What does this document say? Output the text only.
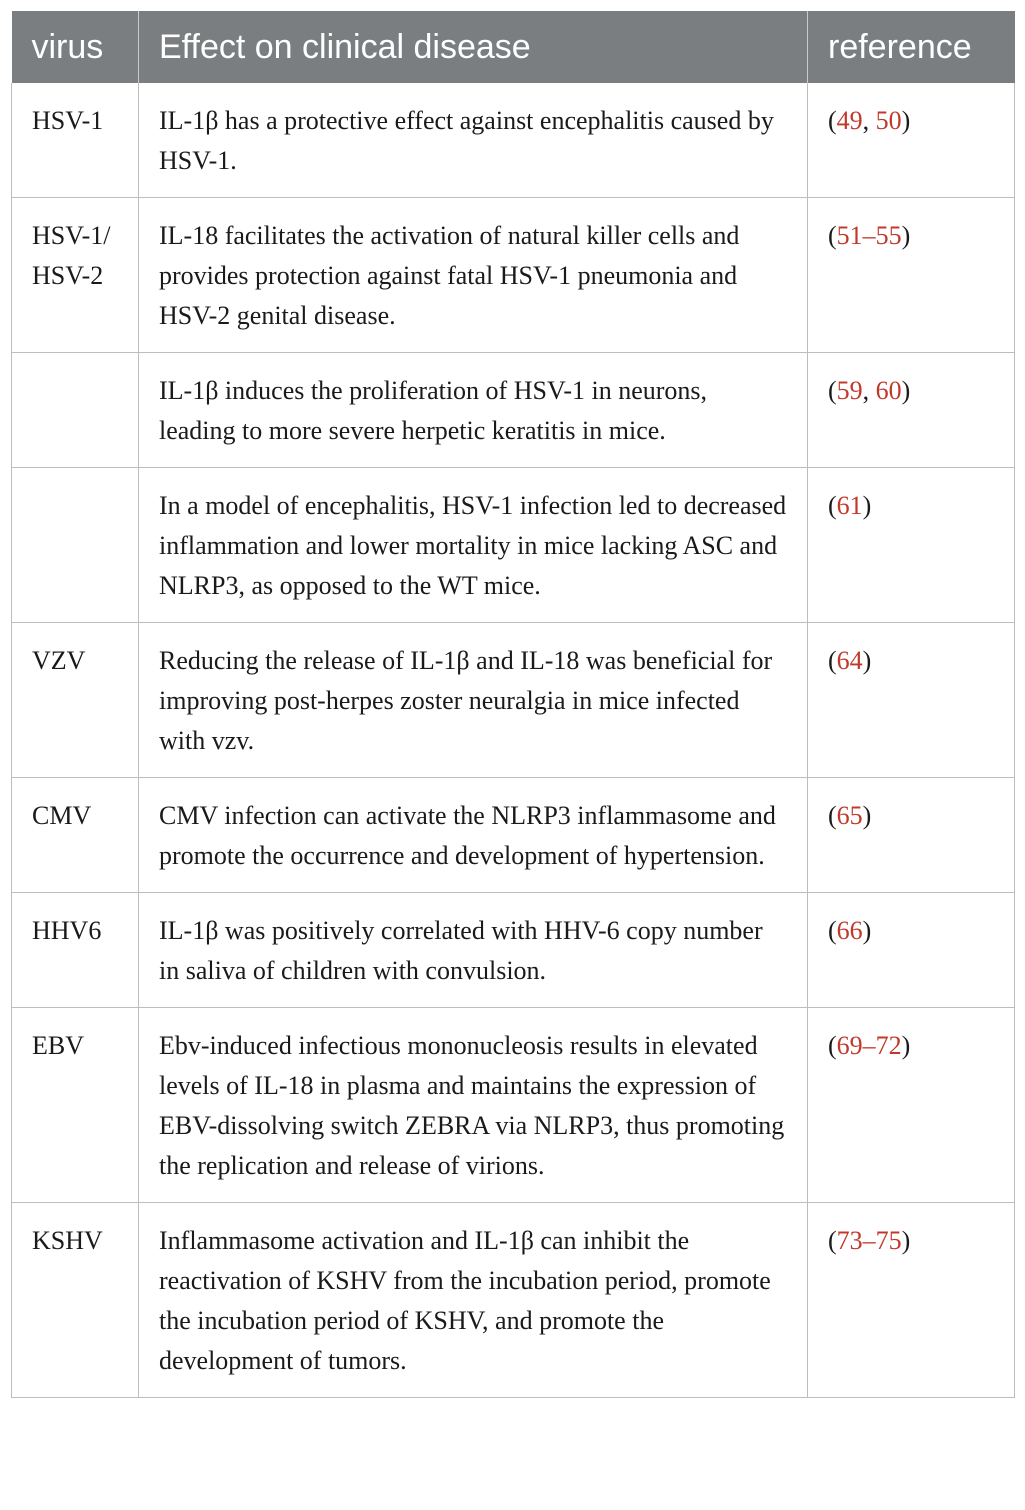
virus	Effect on clinical disease	reference
HSV-1	IL-1β has a protective effect against encephalitis caused by HSV-1.	(49, 50)
HSV-1/ HSV-2	IL-18 facilitates the activation of natural killer cells and provides protection against fatal HSV-1 pneumonia and HSV-2 genital disease.	(51–55)
	IL-1β induces the proliferation of HSV-1 in neurons, leading to more severe herpetic keratitis in mice.	(59, 60)
	In a model of encephalitis, HSV-1 infection led to decreased inflammation and lower mortality in mice lacking ASC and NLRP3, as opposed to the WT mice.	(61)
VZV	Reducing the release of IL-1β and IL-18 was beneficial for improving post-herpes zoster neuralgia in mice infected with vzv.	(64)
CMV	CMV infection can activate the NLRP3 inflammasome and promote the occurrence and development of hypertension.	(65)
HHV6	IL-1β was positively correlated with HHV-6 copy number in saliva of children with convulsion.	(66)
EBV	Ebv-induced infectious mononucleosis results in elevated levels of IL-18 in plasma and maintains the expression of EBV-dissolving switch ZEBRA via NLRP3, thus promoting the replication and release of virions.	(69–72)
KSHV	Inflammasome activation and IL-1β can inhibit the reactivation of KSHV from the incubation period, promote the incubation period of KSHV, and promote the development of tumors.	(73–75)
